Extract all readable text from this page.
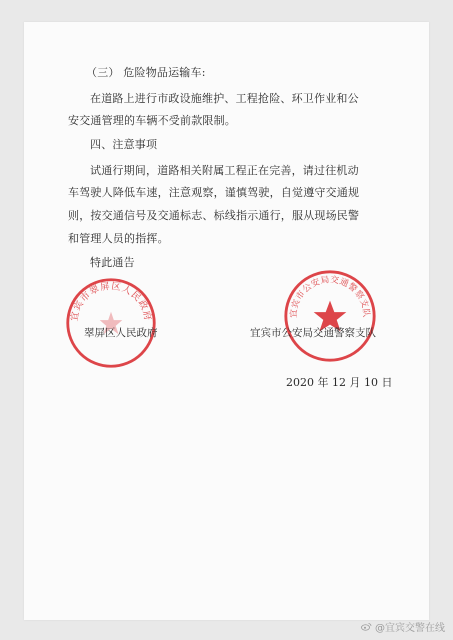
（三） 危险物品运输车:
在道路上进行市政设施维护、工程抢险、环卫作业和公
安交通管理的车辆不受前款限制。
四、注意事项
试通行期间，道路相关附属工程正在完善，请过往机动
车驾驶人降低车速，注意观察，谨慎驾驶，自觉遵守交通规
则，按交通信号及交通标志、标线指示通行，服从现场民警
和管理人员的指挥。
特此通告
宜宾市翠屏区人民政府	宜宾市公安局交通警察支队
翠屏区人民政府	宜宾市公安局交通警察支队
2020 年 12 月 10 日
@宜宾交警在线
